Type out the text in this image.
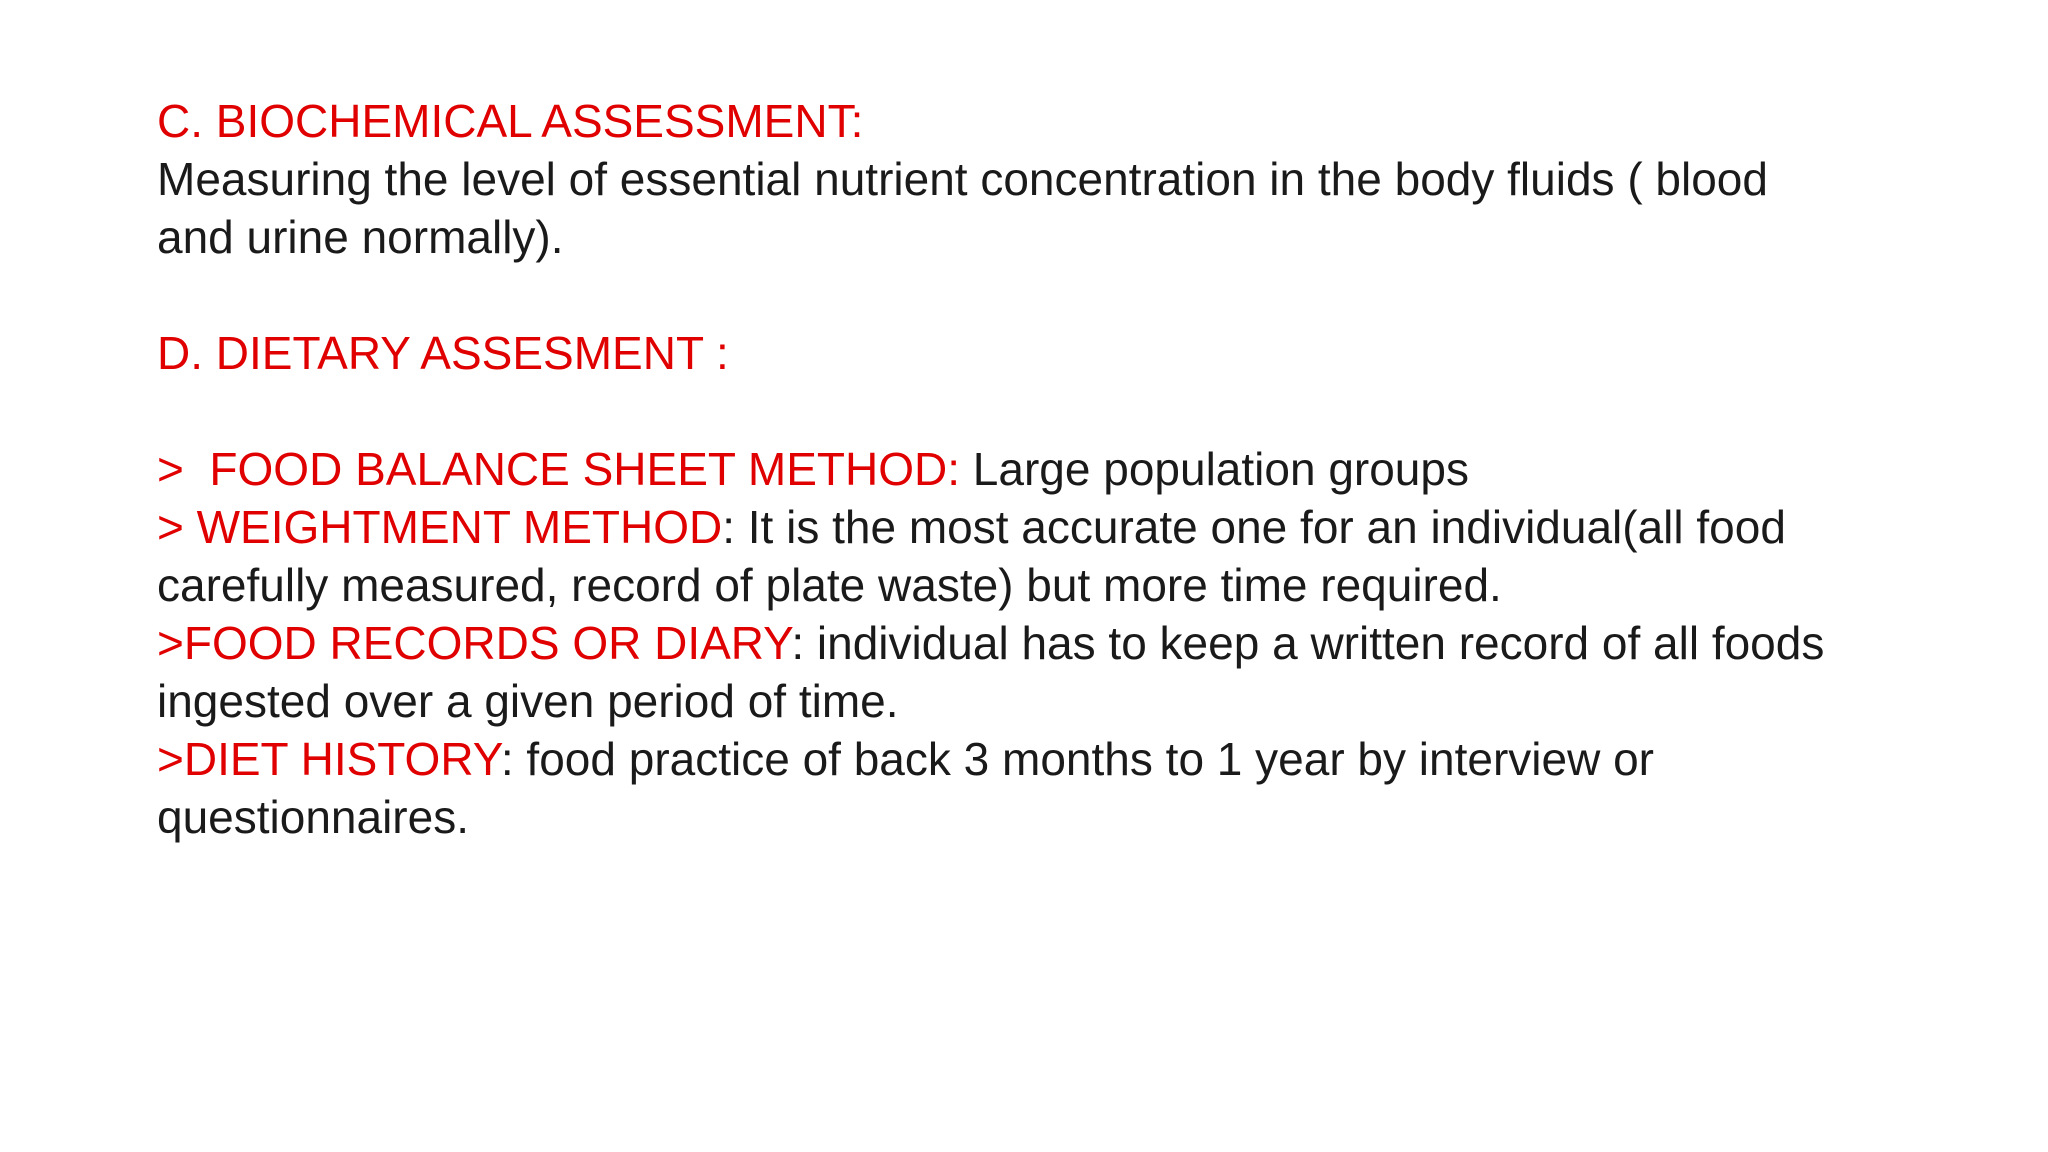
C. BIOCHEMICAL ASSESSMENT:

Measuring the level of essential nutrient concentration in the body fluids ( blood

and urine normally).

D. DIETARY ASSESMENT :

>  FOOD BALANCE SHEET METHOD: Large population groups

> WEIGHTMENT METHOD: It is the most accurate one for an individual(all food

carefully measured, record of plate waste) but more time required.

>FOOD RECORDS OR DIARY: individual has to keep a written record of all foods

ingested over a given period of time.

>DIET HISTORY: food practice of back 3 months to 1 year by interview or

questionnaires.
